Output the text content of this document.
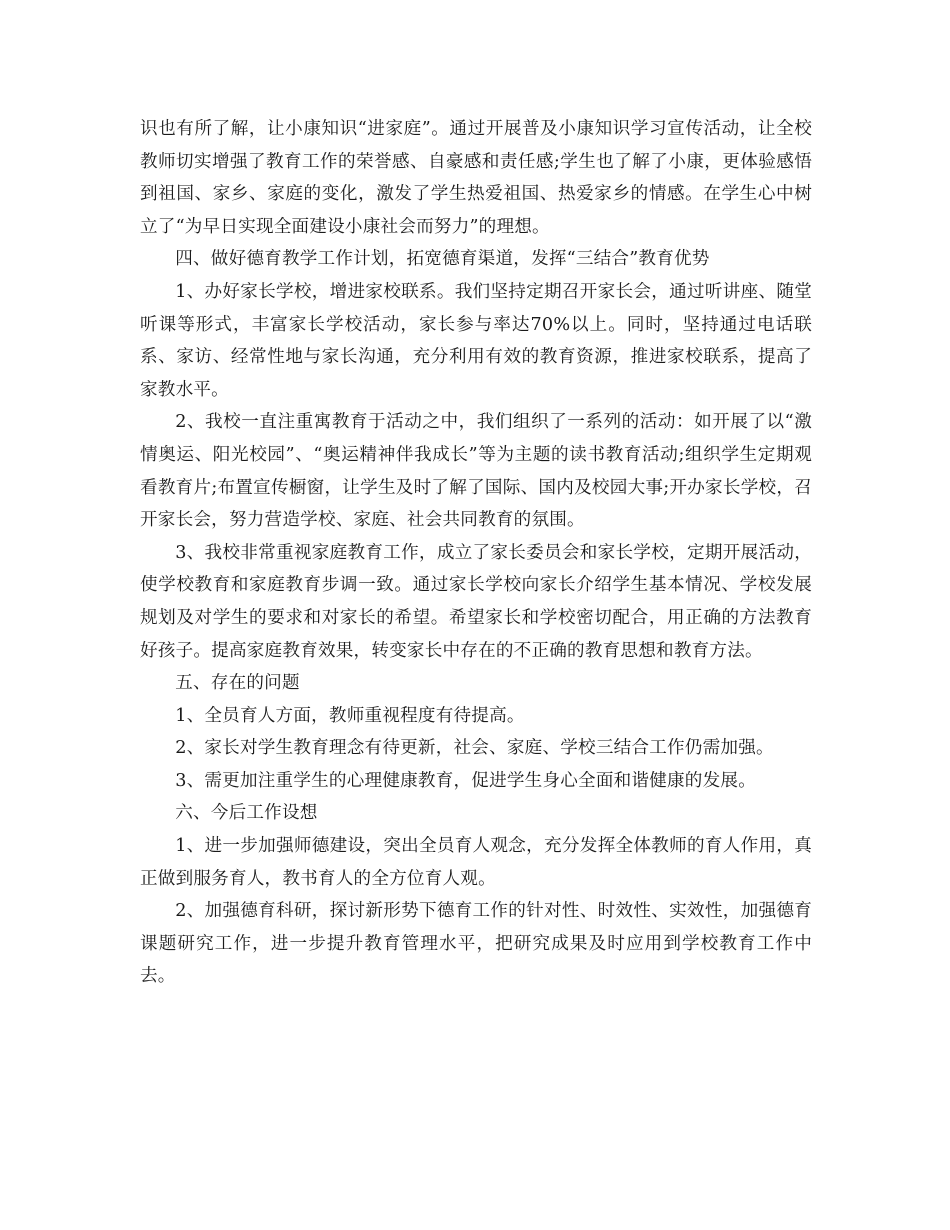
识也有所了解，让小康知识“进家庭”。通过开展普及小康知识学习宣传活动，让全校教师切实增强了教育工作的荣誉感、自豪感和责任感;学生也了解了小康，更体验感悟到祖国、家乡、家庭的变化，激发了学生热爱祖国、热爱家乡的情感。在学生心中树立了“为早日实现全面建设小康社会而努力”的理想。

四、做好德育教学工作计划，拓宽德育渠道，发挥“三结合”教育优势

1、办好家长学校，增进家校联系。我们坚持定期召开家长会，通过听讲座、随堂听课等形式，丰富家长学校活动，家长参与率达70%以上。同时，坚持通过电话联系、家访、经常性地与家长沟通，充分利用有效的教育资源，推进家校联系，提高了家教水平。

2、我校一直注重寓教育于活动之中，我们组织了一系列的活动：如开展了以“激情奥运、阳光校园”、“奥运精神伴我成长”等为主题的读书教育活动;组织学生定期观看教育片;布置宣传橱窗，让学生及时了解了国际、国内及校园大事;开办家长学校，召开家长会，努力营造学校、家庭、社会共同教育的氛围。

3、我校非常重视家庭教育工作，成立了家长委员会和家长学校，定期开展活动，使学校教育和家庭教育步调一致。通过家长学校向家长介绍学生基本情况、学校发展规划及对学生的要求和对家长的希望。希望家长和学校密切配合，用正确的方法教育好孩子。提高家庭教育效果，转变家长中存在的不正确的教育思想和教育方法。

五、存在的问题

1、全员育人方面，教师重视程度有待提高。

2、家长对学生教育理念有待更新，社会、家庭、学校三结合工作仍需加强。

3、需更加注重学生的心理健康教育，促进学生身心全面和谐健康的发展。

六、今后工作设想

1、进一步加强师德建设，突出全员育人观念，充分发挥全体教师的育人作用，真正做到服务育人，教书育人的全方位育人观。

2、加强德育科研，探讨新形势下德育工作的针对性、时效性、实效性，加强德育课题研究工作，进一步提升教育管理水平，把研究成果及时应用到学校教育工作中去。
